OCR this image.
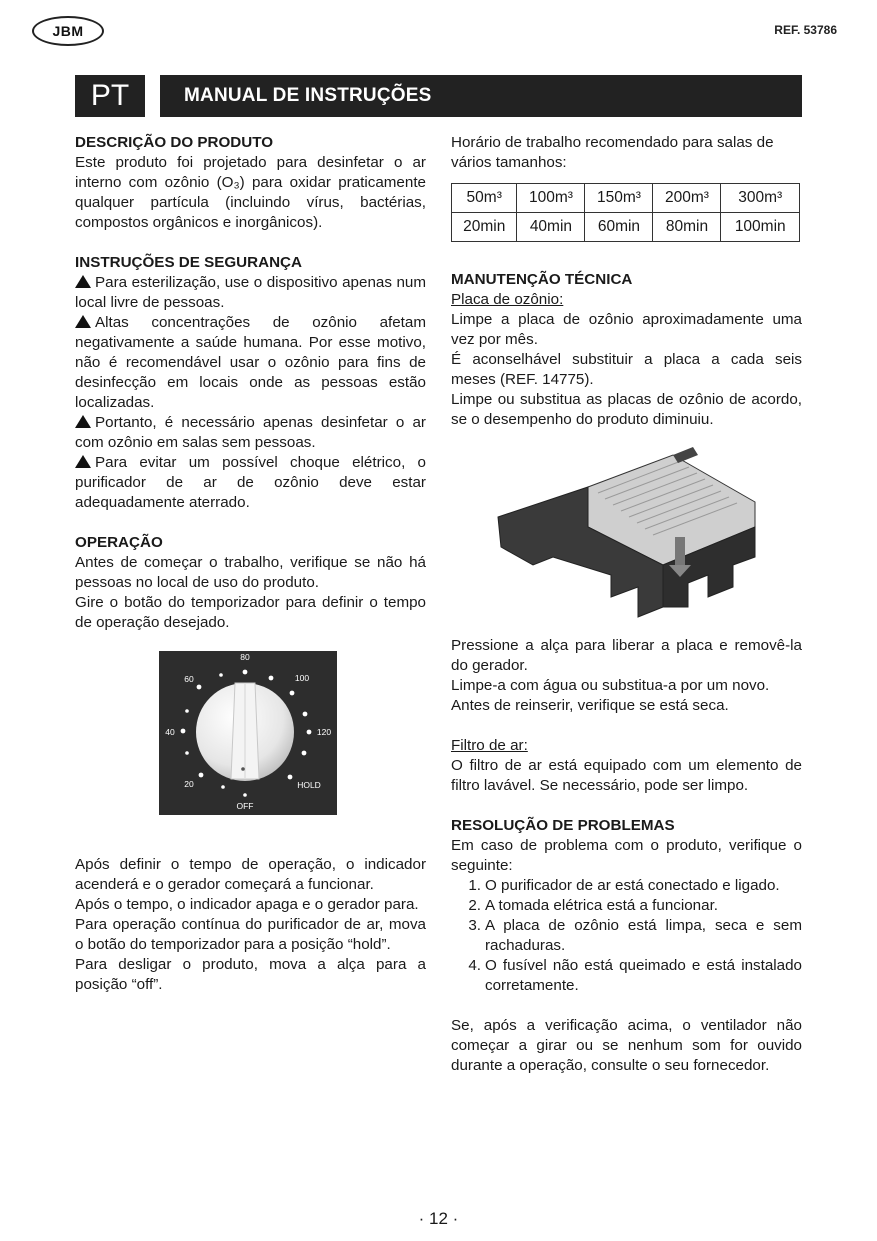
JBM	REF. 53786
PT	MANUAL DE INSTRUÇÕES

DESCRIÇÃO DO PRODUTO

Este produto foi projetado para desinfetar o ar interno com ozônio (O₃) para oxidar praticamente qualquer partícula (incluindo vírus, bactérias, compostos orgânicos e inorgânicos).

INSTRUÇÕES DE SEGURANÇA

Para esterilização, use o dispositivo apenas num local livre de pessoas.

Altas concentrações de ozônio afetam negativamente a saúde humana. Por esse motivo, não é recomendável usar o ozônio para fins de desinfecção em locais onde as pessoas estão localizadas.

Portanto, é necessário apenas desinfetar o ar com ozônio em salas sem pessoas.

Para evitar um possível choque elétrico, o purificador de ar de ozônio deve estar adequadamente aterrado.

OPERAÇÃO

Antes de começar o trabalho, verifique se não há pessoas no local de uso do produto.

Gire o botão do temporizador para definir o tempo de operação desejado.

Após definir o tempo de operação, o indicador acenderá e o gerador começará a funcionar.

Após o tempo, o indicador apaga e o gerador para.

Para operação contínua do purificador de ar, mova o botão do temporizador para a posição “hold”.

Para desligar o produto, mova a alça para a posição “off”.

80
60	100
40	120
20	HOLD
OFF

Horário de trabalho recomendado para salas de vários tamanhos:

50m³	100m³	150m³	200m³	300m³
20min	40min	60min	80min	100min

MANUTENÇÃO TÉCNICA

Placa de ozônio:

Limpe a placa de ozônio aproximadamente uma vez por mês.

É aconselhável substituir a placa a cada seis meses (REF. 14775).

Limpe ou substitua as placas de ozônio de acordo, se o desempenho do produto diminuiu.

Pressione a alça para liberar a placa e removê-la do gerador.

Limpe-a com água ou substitua-a por um novo.

Antes de reinserir, verifique se está seca.

Filtro de ar:

O filtro de ar está equipado com um elemento de filtro lavável. Se necessário, pode ser limpo.

RESOLUÇÃO DE PROBLEMAS

Em caso de problema com o produto, verifique o seguinte:

1. O purificador de ar está conectado e ligado.
2. A tomada elétrica está a funcionar.
3. A placa de ozônio está limpa, seca e sem rachaduras.
4. O fusível não está queimado e está instalado corretamente.

Se, após a verificação acima, o ventilador não começar a girar ou se nenhum som for ouvido durante a operação, consulte o seu fornecedor.

· 12 ·
